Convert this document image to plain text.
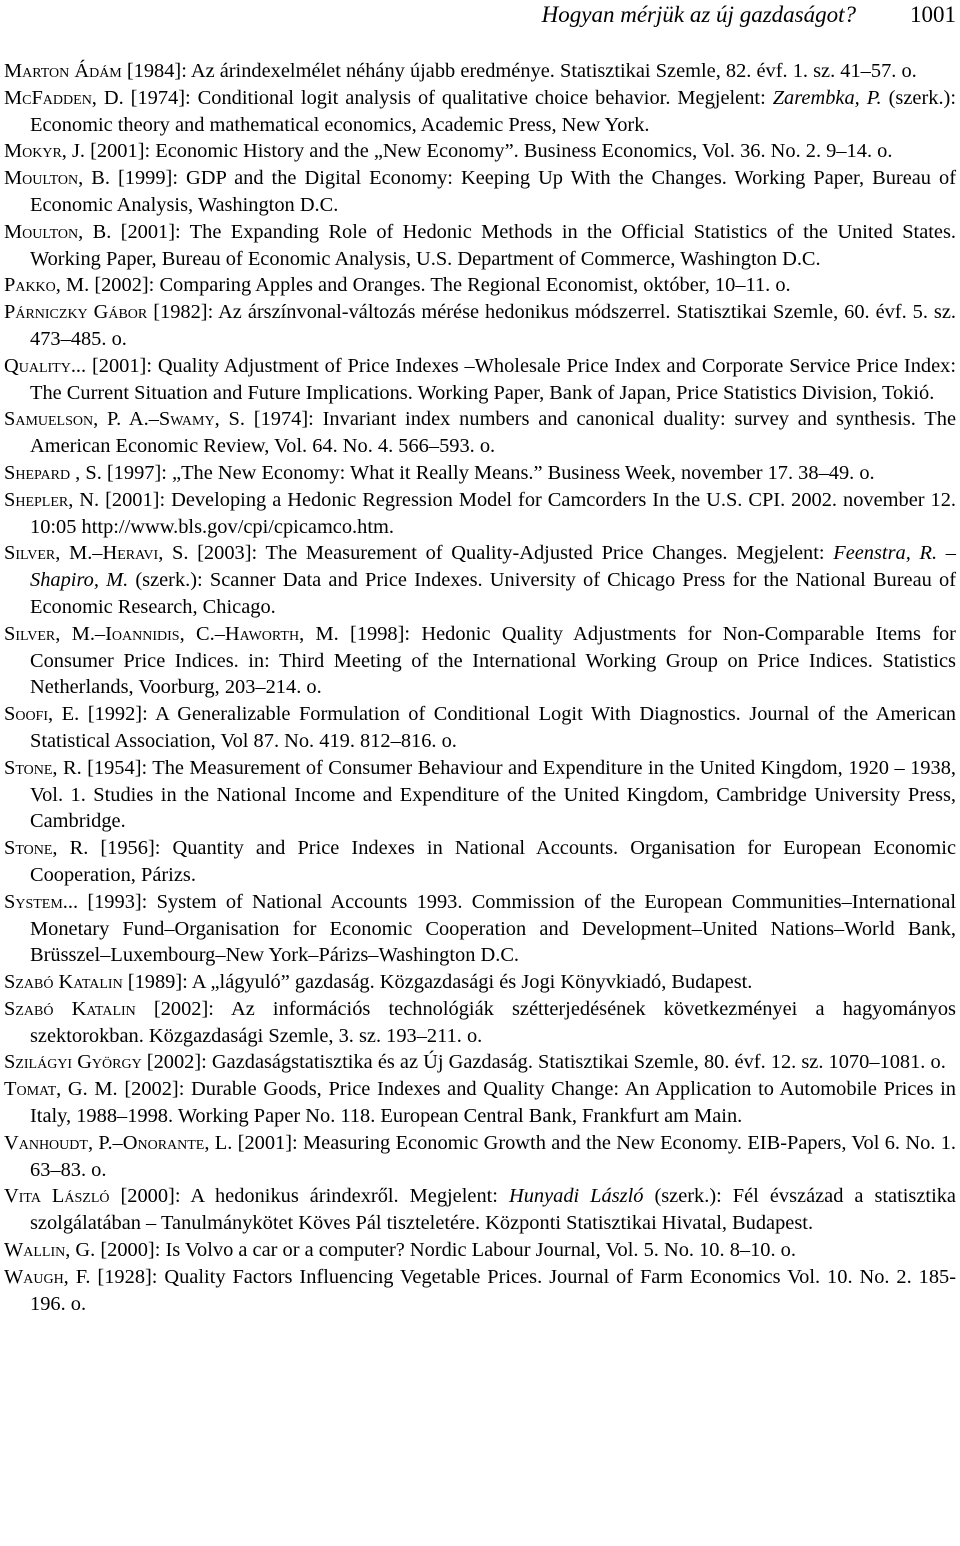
Hogyan mérjük az új gazdaságot? 1001
Marton Ádám [1984]: Az árindexelmélet néhány újabb eredménye. Statisztikai Szemle, 82. évf. 1. sz. 41–57. o.
McFadden, D. [1974]: Conditional logit analysis of qualitative choice behavior. Megjelent: Zarembka, P. (szerk.): Economic theory and mathematical economics, Academic Press, New York.
Mokyr, J. [2001]: Economic History and the „New Economy”. Business Economics, Vol. 36. No. 2. 9–14. o.
Moulton, B. [1999]: GDP and the Digital Economy: Keeping Up With the Changes. Working Paper, Bureau of Economic Analysis, Washington D.C.
Moulton, B. [2001]: The Expanding Role of Hedonic Methods in the Official Statistics of the United States. Working Paper, Bureau of Economic Analysis, U.S. Department of Commerce, Washington D.C.
Pakko, M. [2002]: Comparing Apples and Oranges. The Regional Economist, október, 10–11. o.
Párniczky Gábor [1982]: Az árszínvonal-változás mérése hedonikus módszerrel. Statisztikai Szemle, 60. évf. 5. sz. 473–485. o.
Quality... [2001]: Quality Adjustment of Price Indexes –Wholesale Price Index and Corporate Service Price Index: The Current Situation and Future Implications. Working Paper, Bank of Japan, Price Statistics Division, Tokió.
Samuelson, P. A.–Swamy, S. [1974]: Invariant index numbers and canonical duality: survey and synthesis. The American Economic Review, Vol. 64. No. 4. 566–593. o.
Shepard , S. [1997]: „The New Economy: What it Really Means.” Business Week, november 17. 38–49. o.
Shepler, N. [2001]: Developing a Hedonic Regression Model for Camcorders In the U.S. CPI. 2002. november 12. 10:05 http://www.bls.gov/cpi/cpicamco.htm.
Silver, M.–Heravi, S. [2003]: The Measurement of Quality-Adjusted Price Changes. Megjelent: Feenstra, R. – Shapiro, M. (szerk.): Scanner Data and Price Indexes. University of Chicago Press for the National Bureau of Economic Research, Chicago.
Silver, M.–Ioannidis, C.–Haworth, M. [1998]: Hedonic Quality Adjustments for Non-Comparable Items for Consumer Price Indices. in: Third Meeting of the International Working Group on Price Indices. Statistics Netherlands, Voorburg, 203–214. o.
Soofi, E. [1992]: A Generalizable Formulation of Conditional Logit With Diagnostics. Journal of the American Statistical Association, Vol 87. No. 419. 812–816. o.
Stone, R. [1954]: The Measurement of Consumer Behaviour and Expenditure in the United Kingdom, 1920 – 1938, Vol. 1. Studies in the National Income and Expenditure of the United Kingdom, Cambridge University Press, Cambridge.
Stone, R. [1956]: Quantity and Price Indexes in National Accounts. Organisation for European Economic Cooperation, Párizs.
System... [1993]: System of National Accounts 1993. Commission of the European Communities–International Monetary Fund–Organisation for Economic Cooperation and Development–United Nations–World Bank, Brüsszel–Luxembourg–New York–Párizs–Washington D.C.
Szabó Katalin [1989]: A „lágyuló” gazdaság. Közgazdasági és Jogi Könyvkiadó, Budapest.
Szabó Katalin [2002]: Az információs technológiák szétterjedésének következményei a hagyományos szektorokban. Közgazdasági Szemle, 3. sz. 193–211. o.
Szilágyi György [2002]: Gazdaságstatisztika és az Új Gazdaság. Statisztikai Szemle, 80. évf. 12. sz. 1070–1081. o.
Tomat, G. M. [2002]: Durable Goods, Price Indexes and Quality Change: An Application to Automobile Prices in Italy, 1988–1998. Working Paper No. 118. European Central Bank, Frankfurt am Main.
Vanhoudt, P.–Onorante, L. [2001]: Measuring Economic Growth and the New Economy. EIB-Papers, Vol 6. No. 1. 63–83. o.
Vita László [2000]: A hedonikus árindexről. Megjelent: Hunyadi László (szerk.): Fél évszázad a statisztika szolgálatában – Tanulmánykötet Köves Pál tiszteletére. Központi Statisztikai Hivatal, Budapest.
Wallin, G. [2000]: Is Volvo a car or a computer? Nordic Labour Journal, Vol. 5. No. 10. 8–10. o.
Waugh, F. [1928]: Quality Factors Influencing Vegetable Prices. Journal of Farm Economics Vol. 10. No. 2. 185-196. o.
